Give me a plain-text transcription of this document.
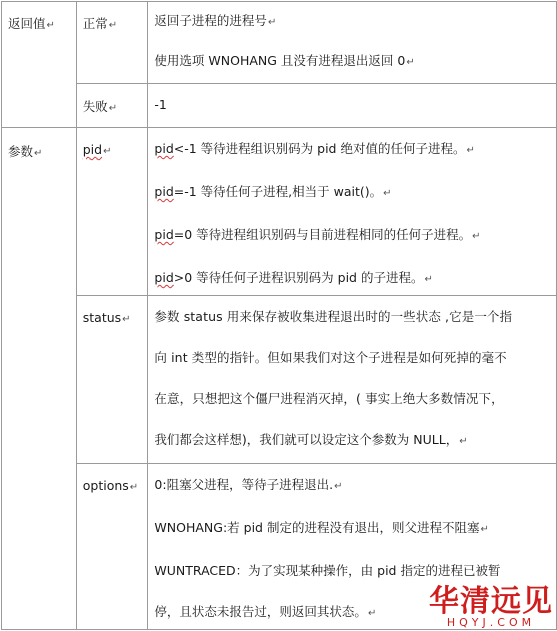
返回值↵	正常↵	返回子进程的进程号↵
使用选项 WNOHANG 且没有进程退出返回 0↵

	失败↵	-1
参数↵	pid↵	pid<-1 等待进程组识别码为 pid 绝对值的任何子进程。↵
pid=-1 等待任何子进程,相当于 wait()。↵
pid=0 等待进程组识别码与目前进程相同的任何子进程。↵
pid>0 等待任何子进程识别码为 pid 的子进程。↵

	status↵	参数 status 用来保存被收集进程退出时的一些状态 ,它是一个指
向 int 类型的指针。但如果我们对这个子进程是如何死掉的毫不
在意，只想把这个僵尸进程消灭掉，( 事实上绝大多数情况下，
我们都会这样想)，我们就可以设定这个参数为 NULL，↵

	options↵	0:阻塞父进程，等待子进程退出.↵
WNOHANG:若 pid 制定的进程没有退出，则父进程不阻塞↵
WUNTRACED：为了实现某种操作，由 pid 指定的进程已被暂
停，且状态未报告过，则返回其状态。↵	华清远见
HQYJ.COM
